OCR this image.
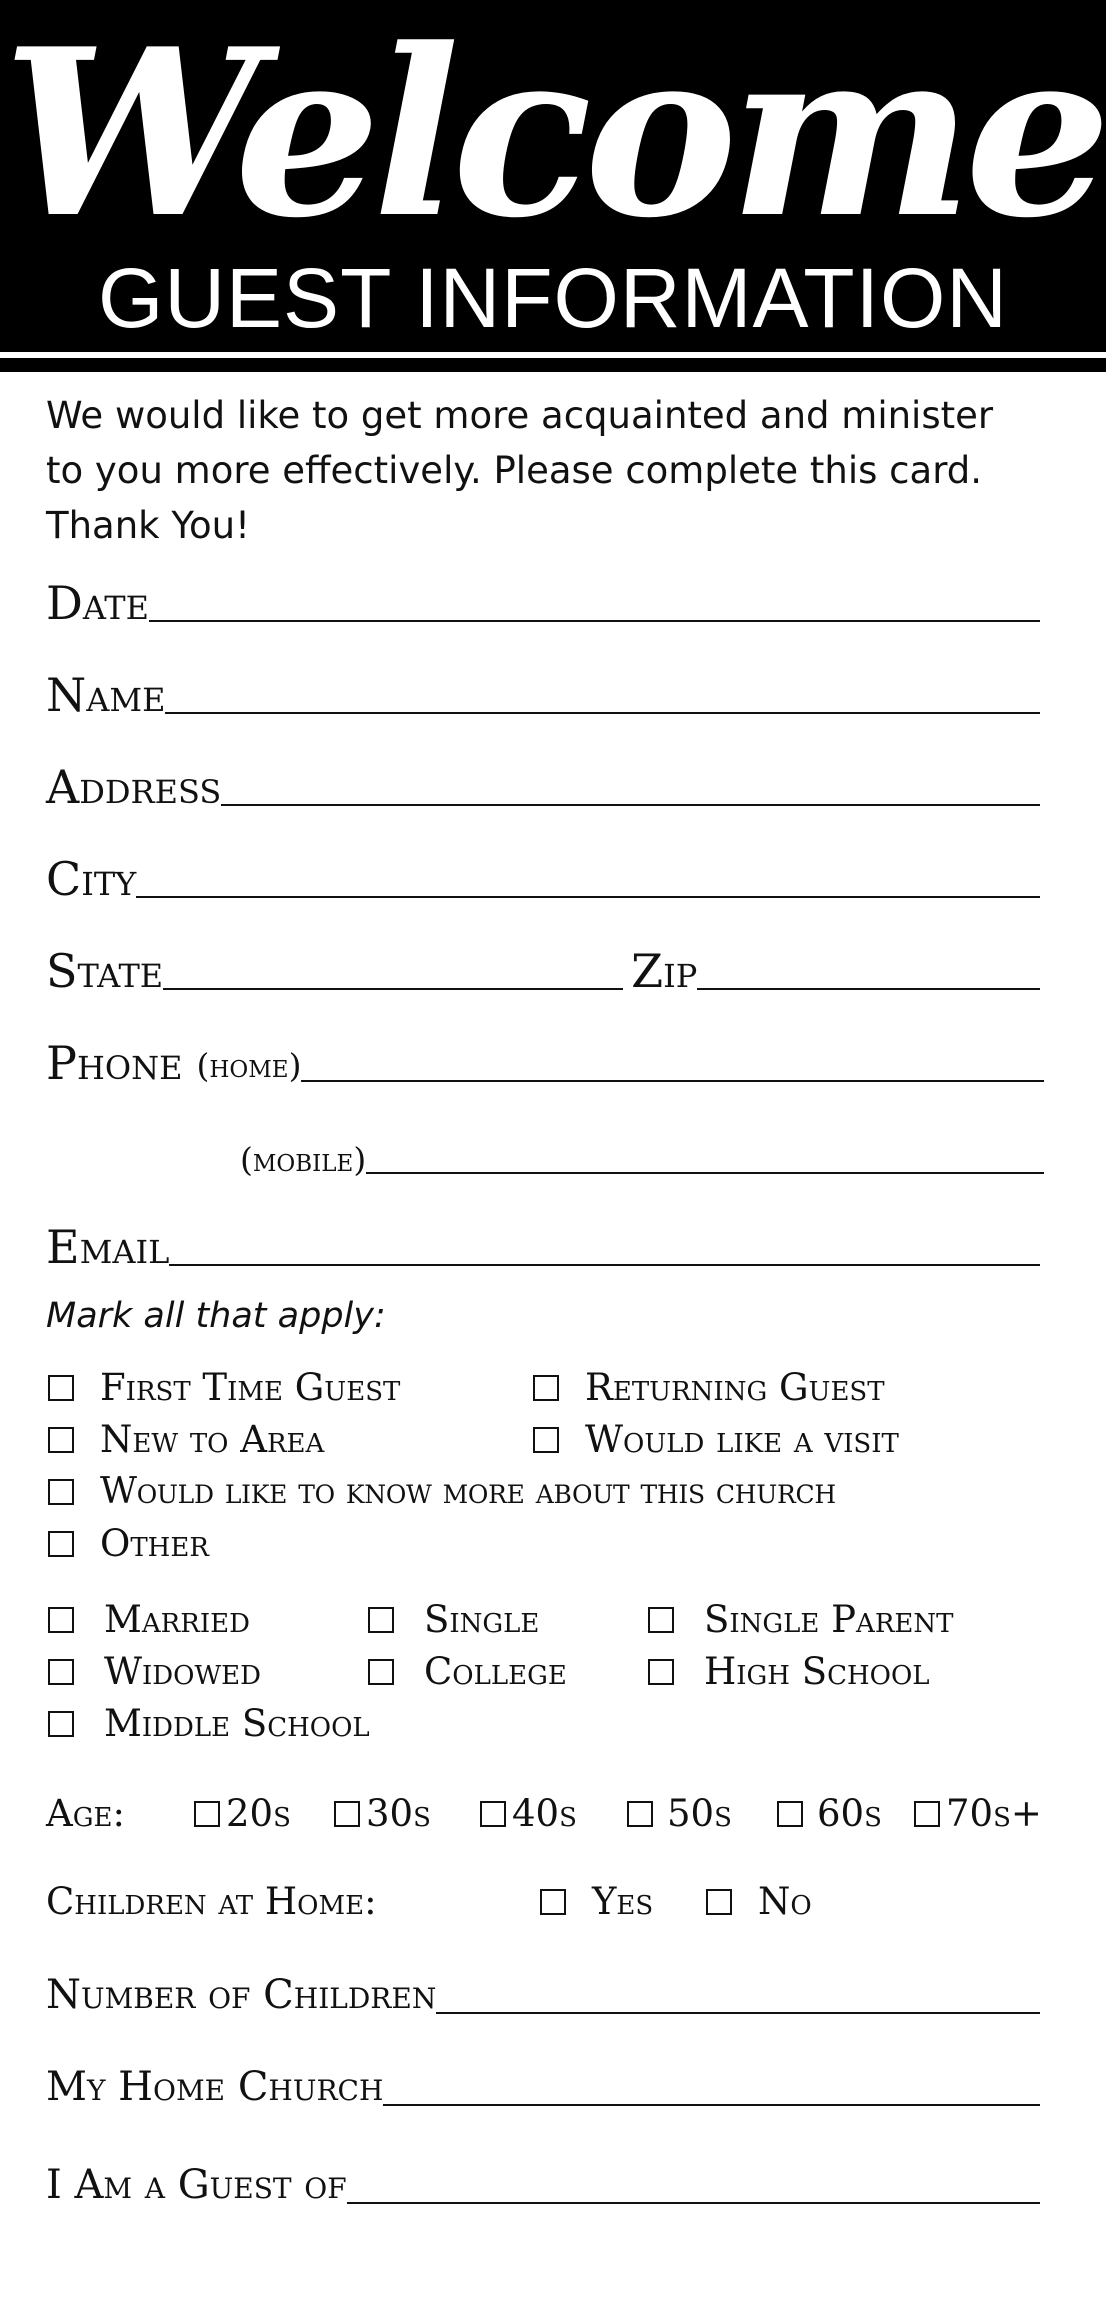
Welcome
GUEST INFORMATION
We would like to get more acquainted and minister
to you more effectively. Please complete this card.
Thank You!
Date
Name
Address
City
State	Zip
Phone (home)
(mobile)
Email
Mark all that apply:
First Time Guest	Returning Guest
New to Area	Would like a visit
Would like to know more about this church
Other
Married	Single	Single Parent
Widowed	College	High School
Middle School
Age:	20s 30s 40s 50s 60s 70s+
Children at Home:	Yes	No
Number of Children
My Home Church
I Am a Guest of
